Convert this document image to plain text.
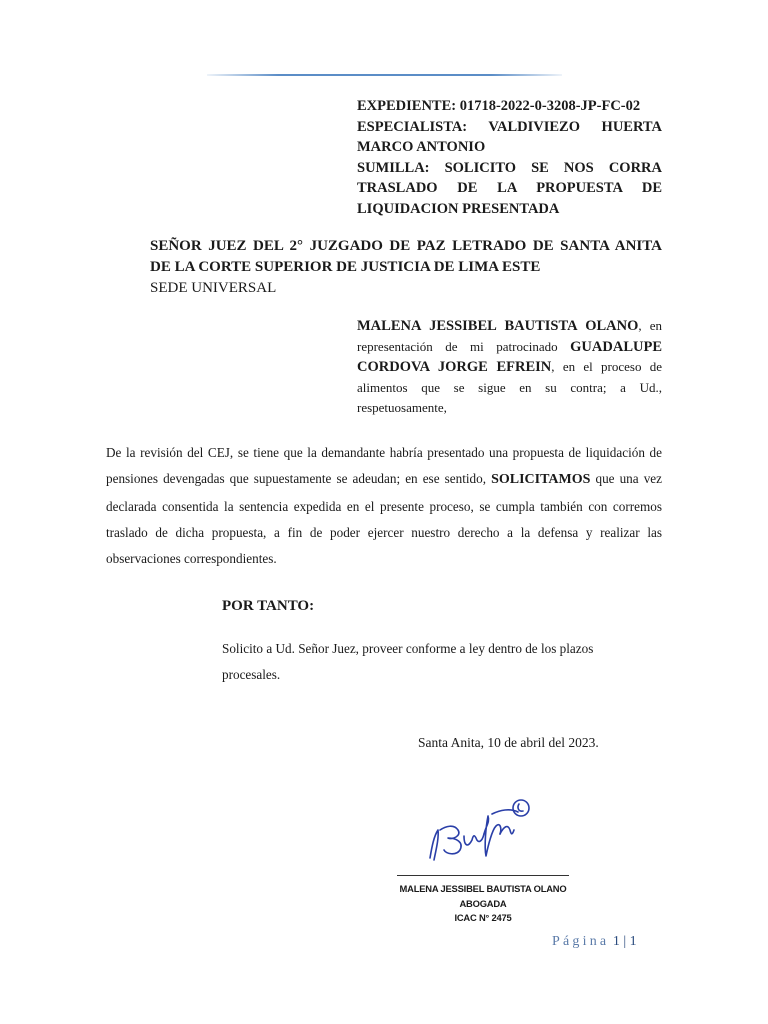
EXPEDIENTE: 01718-2022-0-3208-JP-FC-02
ESPECIALISTA: VALDIVIEZO HUERTA
MARCO ANTONIO
SUMILLA: SOLICITO SE NOS CORRA
TRASLADO DE LA PROPUESTA DE
LIQUIDACION PRESENTADA
SEÑOR JUEZ DEL 2° JUZGADO DE PAZ LETRADO DE SANTA ANITA
DE LA CORTE SUPERIOR DE JUSTICIA DE LIMA ESTE
SEDE UNIVERSAL
MALENA JESSIBEL BAUTISTA OLANO, en representación de mi patrocinado GUADALUPE CORDOVA JORGE EFREIN, en el proceso de alimentos que se sigue en su contra; a Ud., respetuosamente,
De la revisión del CEJ, se tiene que la demandante habría presentado una propuesta de liquidación de pensiones devengadas que supuestamente se adeudan; en ese sentido, SOLICITAMOS que una vez declarada consentida la sentencia expedida en el presente proceso, se cumpla también con corremos traslado de dicha propuesta, a fin de poder ejercer nuestro derecho a la defensa y realizar las observaciones correspondientes.
POR TANTO:
Solicito a Ud. Señor Juez, proveer conforme a ley dentro de los plazos procesales.
Santa Anita, 10 de abril del 2023.
MALENA JESSIBEL BAUTISTA OLANO
ABOGADA
ICAC N° 2475
Página 1 | 1
